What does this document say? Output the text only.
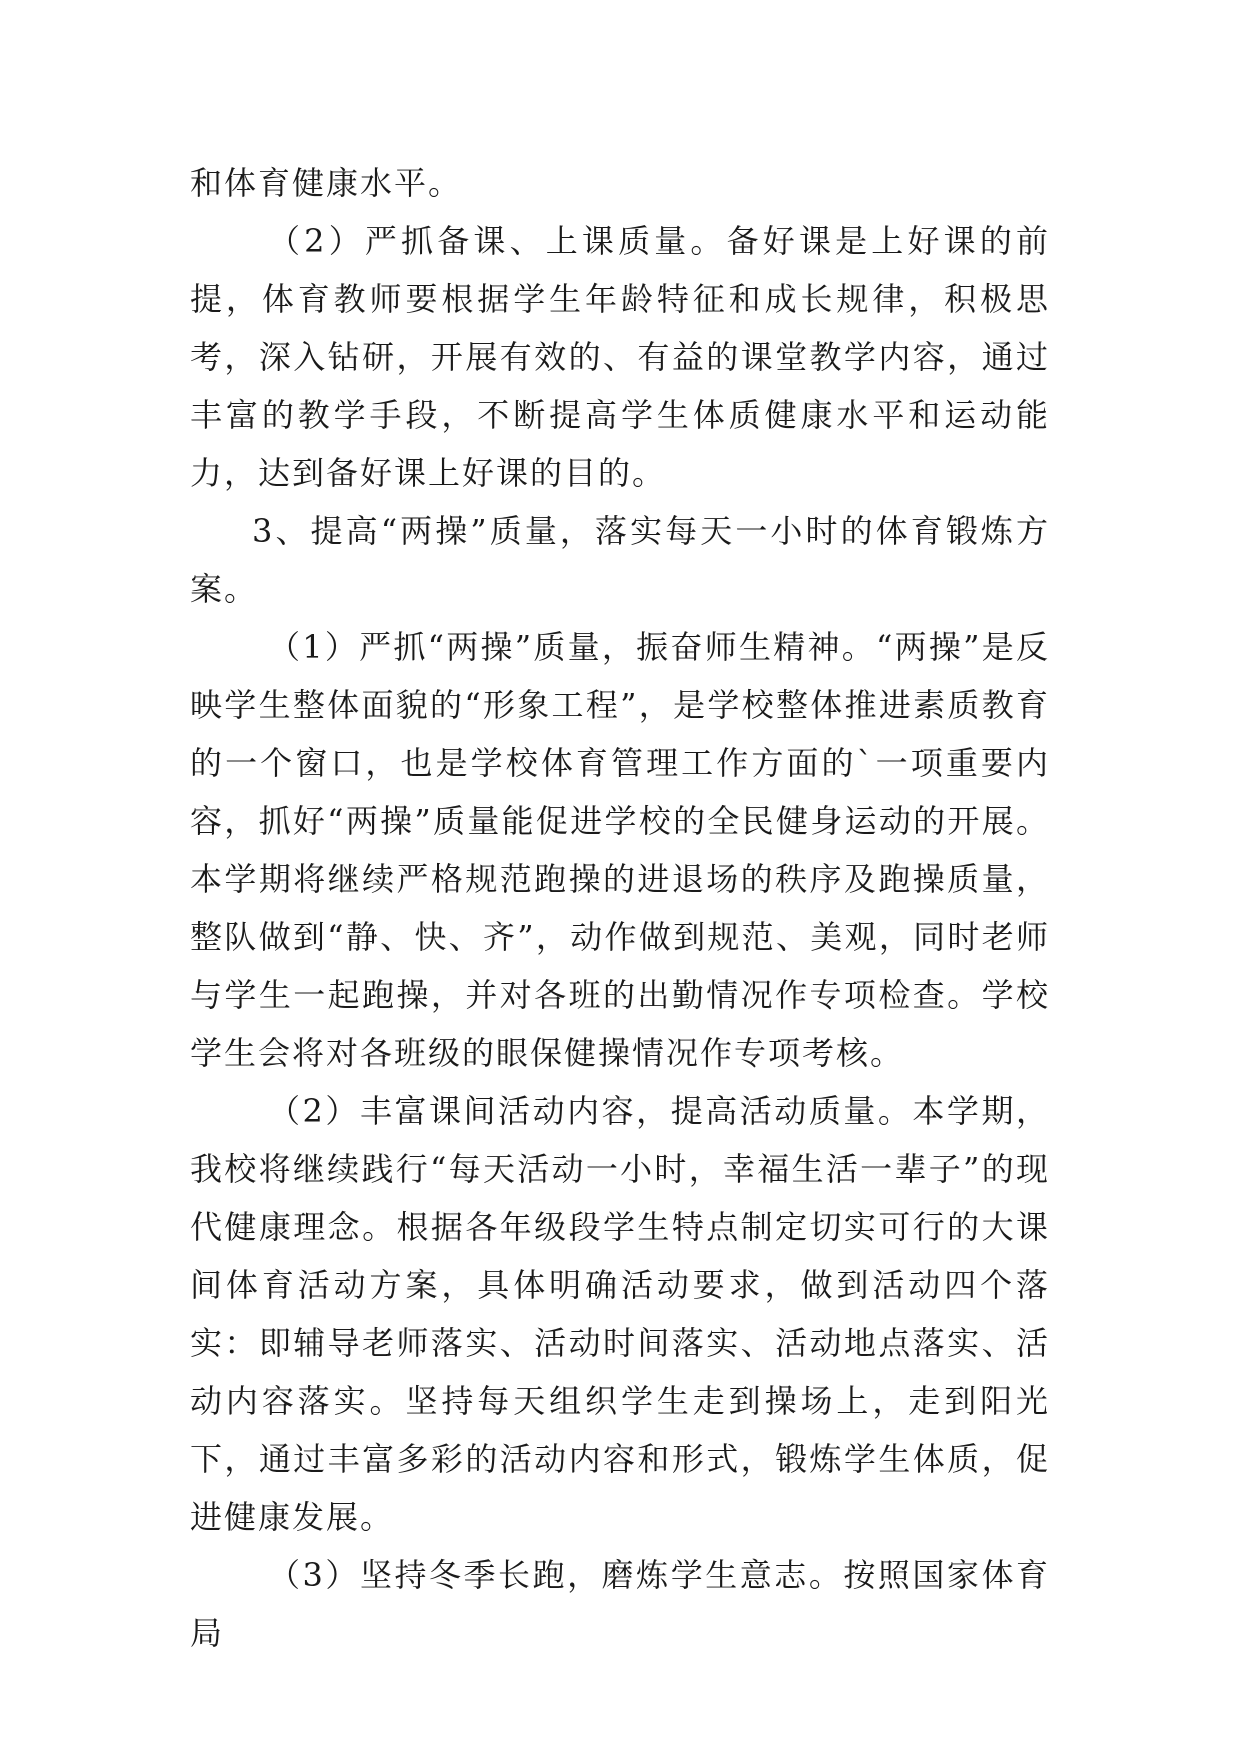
和体育健康水平。

（2）严抓备课、上课质量。备好课是上好课的前提，体育教师要根据学生年龄特征和成长规律，积极思考，深入钻研，开展有效的、有益的课堂教学内容，通过丰富的教学手段，不断提高学生体质健康水平和运动能力，达到备好课上好课的目的。

3、提高“两操”质量，落实每天一小时的体育锻炼方案。

（1）严抓“两操”质量，振奋师生精神。“两操”是反映学生整体面貌的“形象工程”，是学校整体推进素质教育的一个窗口，也是学校体育管理工作方面的`一项重要内容，抓好“两操”质量能促进学校的全民健身运动的开展。本学期将继续严格规范跑操的进退场的秩序及跑操质量，整队做到“静、快、齐”，动作做到规范、美观，同时老师与学生一起跑操，并对各班的出勤情况作专项检查。学校学生会将对各班级的眼保健操情况作专项考核。

（2）丰富课间活动内容，提高活动质量。本学期，我校将继续践行“每天活动一小时，幸福生活一辈子”的现代健康理念。根据各年级段学生特点制定切实可行的大课间体育活动方案，具体明确活动要求，做到活动四个落实：即辅导老师落实、活动时间落实、活动地点落实、活动内容落实。坚持每天组织学生走到操场上，走到阳光下，通过丰富多彩的活动内容和形式，锻炼学生体质，促进健康发展。

（3）坚持冬季长跑，磨炼学生意志。按照国家体育局
